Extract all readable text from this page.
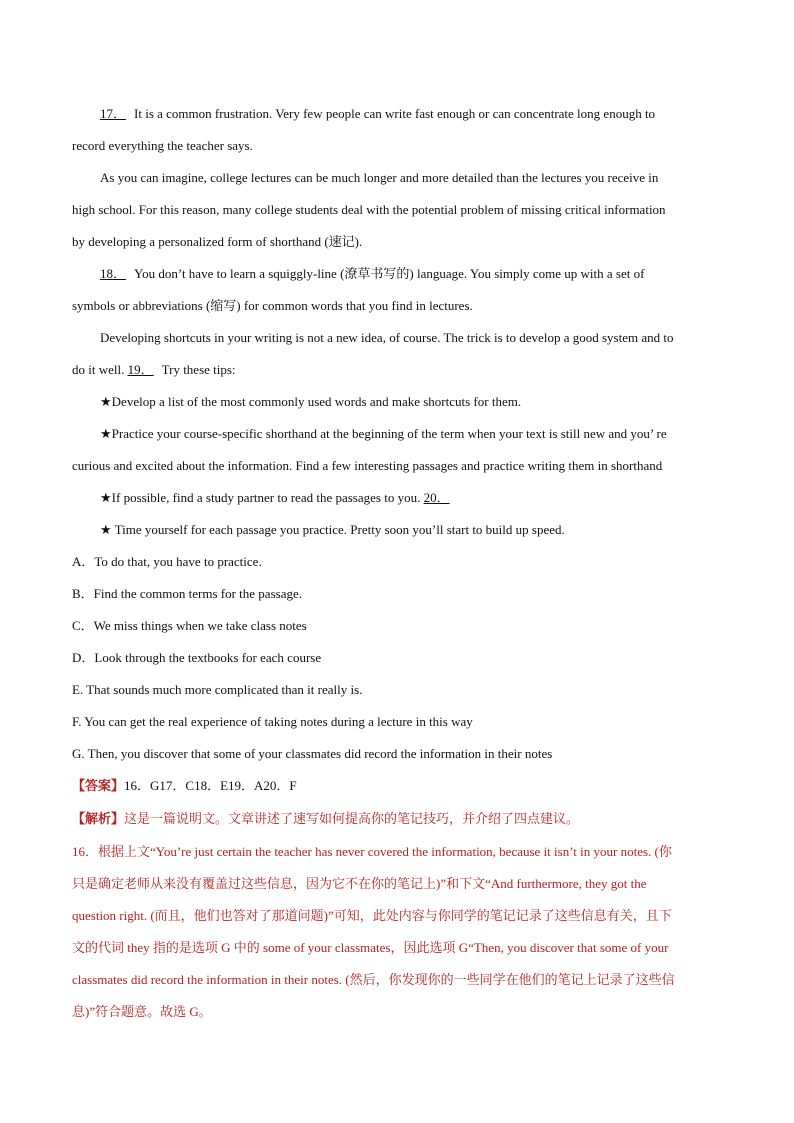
17． It is a common frustration. Very few people can write fast enough or can concentrate long enough to

record everything the teacher says.

As you can imagine, college lectures can be much longer and more detailed than the lectures you receive in

high school. For this reason, many college students deal with the potential problem of missing critical information

by developing a personalized form of shorthand (速记).

18． You don’t have to learn a squiggly-line (潦草书写的) language. You simply come up with a set of

symbols or abbreviations (缩写) for common words that you find in lectures.

Developing shortcuts in your writing is not a new idea, of course. The trick is to develop a good system and to

do it well. 19． Try these tips:

★Develop a list of the most commonly used words and make shortcuts for them.

★Practice your course-specific shorthand at the beginning of the term when your text is still new and you’ re

curious and excited about the information. Find a few interesting passages and practice writing them in shorthand

★If possible, find a study partner to read the passages to you. 20．

★ Time yourself for each passage you practice. Pretty soon you’ll start to build up speed.

A．To do that, you have to practice.

B．Find the common terms for the passage.

C．We miss things when we take class notes

D．Look through the textbooks for each course

E. That sounds much more complicated than it really is.

F. You can get the real experience of taking notes during a lecture in this way

G. Then, you discover that some of your classmates did record the information in their notes

【答案】16．G17．C18．E19．A20．F

【解析】这是一篇说明文。文章讲述了速写如何提高你的笔记技巧，并介绍了四点建议。

16．根据上文“You’re just certain the teacher has never covered the information, because it isn’t in your notes. (你

只是确定老师从来没有覆盖过这些信息，因为它不在你的笔记上)”和下文“And furthermore, they got the

question right. (而且，他们也答对了那道问题)”可知，此处内容与你同学的笔记记录了这些信息有关，且下

文的代词 they 指的是选项 G 中的 some of your classmates，因此选项 G“Then, you discover that some of your

classmates did record the information in their notes. (然后，你发现你的一些同学在他们的笔记上记录了这些信

息)”符合题意。故选 G。
